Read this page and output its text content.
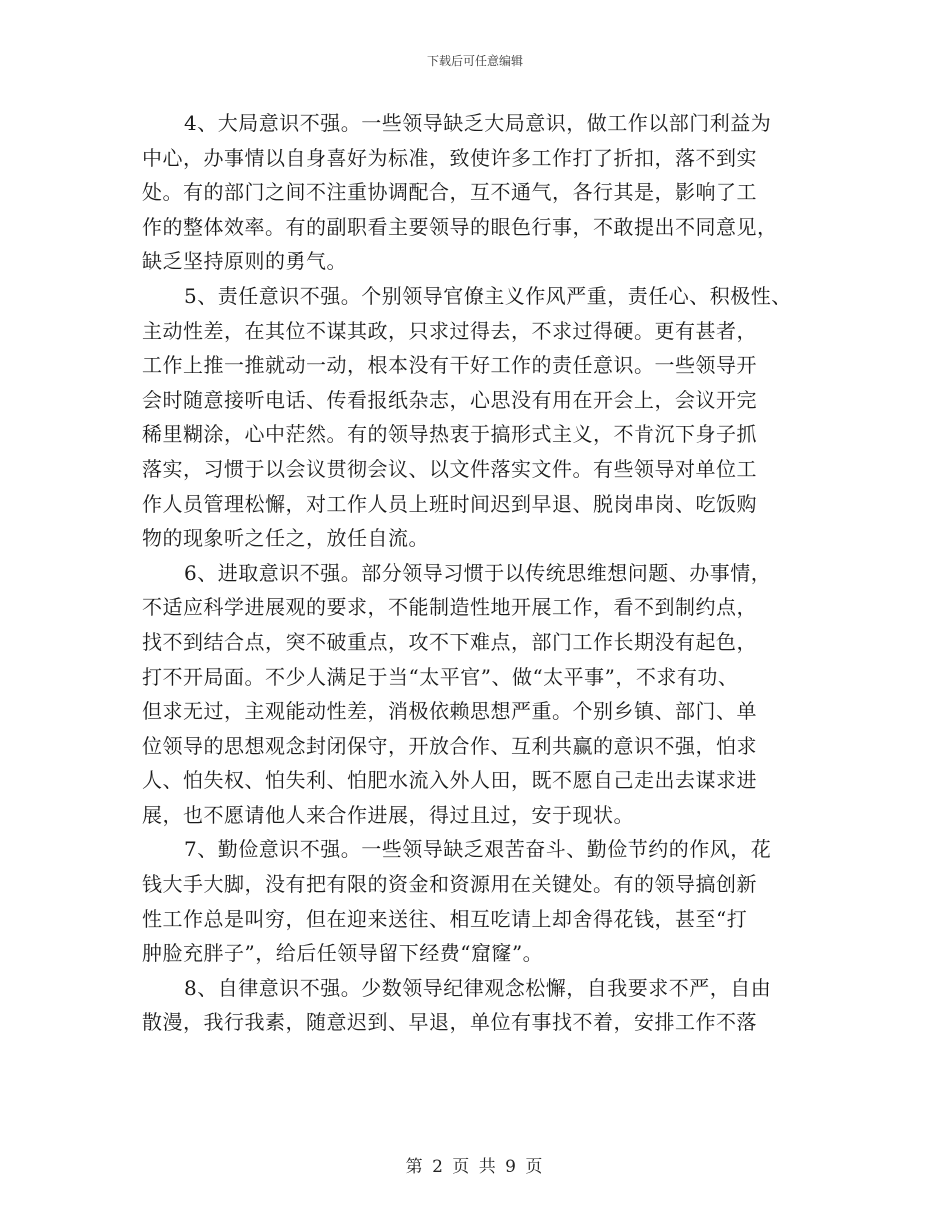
下载后可任意编辑
4、大局意识不强。一些领导缺乏大局意识，做工作以部门利益为
中心，办事情以自身喜好为标准，致使许多工作打了折扣，落不到实
处。有的部门之间不注重协调配合，互不通气，各行其是，影响了工
作的整体效率。有的副职看主要领导的眼色行事，不敢提出不同意见，
缺乏坚持原则的勇气。
5、责任意识不强。个别领导官僚主义作风严重，责任心、积极性、
主动性差，在其位不谋其政，只求过得去，不求过得硬。更有甚者，
工作上推一推就动一动，根本没有干好工作的责任意识。一些领导开
会时随意接听电话、传看报纸杂志，心思没有用在开会上，会议开完
稀里糊涂，心中茫然。有的领导热衷于搞形式主义，不肯沉下身子抓
落实，习惯于以会议贯彻会议、以文件落实文件。有些领导对单位工
作人员管理松懈，对工作人员上班时间迟到早退、脱岗串岗、吃饭购
物的现象听之任之，放任自流。
6、进取意识不强。部分领导习惯于以传统思维想问题、办事情，
不适应科学进展观的要求，不能制造性地开展工作，看不到制约点，
找不到结合点，突不破重点，攻不下难点，部门工作长期没有起色，
打不开局面。不少人满足于当“太平官”、做“太平事”，不求有功、
但求无过，主观能动性差，消极依赖思想严重。个别乡镇、部门、单
位领导的思想观念封闭保守，开放合作、互利共赢的意识不强，怕求
人、怕失权、怕失利、怕肥水流入外人田，既不愿自己走出去谋求进
展，也不愿请他人来合作进展，得过且过，安于现状。
7、勤俭意识不强。一些领导缺乏艰苦奋斗、勤俭节约的作风，花
钱大手大脚，没有把有限的资金和资源用在关键处。有的领导搞创新
性工作总是叫穷，但在迎来送往、相互吃请上却舍得花钱，甚至“打
肿脸充胖子”，给后任领导留下经费“窟窿”。
8、自律意识不强。少数领导纪律观念松懈，自我要求不严，自由
散漫，我行我素，随意迟到、早退，单位有事找不着，安排工作不落
第 2 页 共 9 页
